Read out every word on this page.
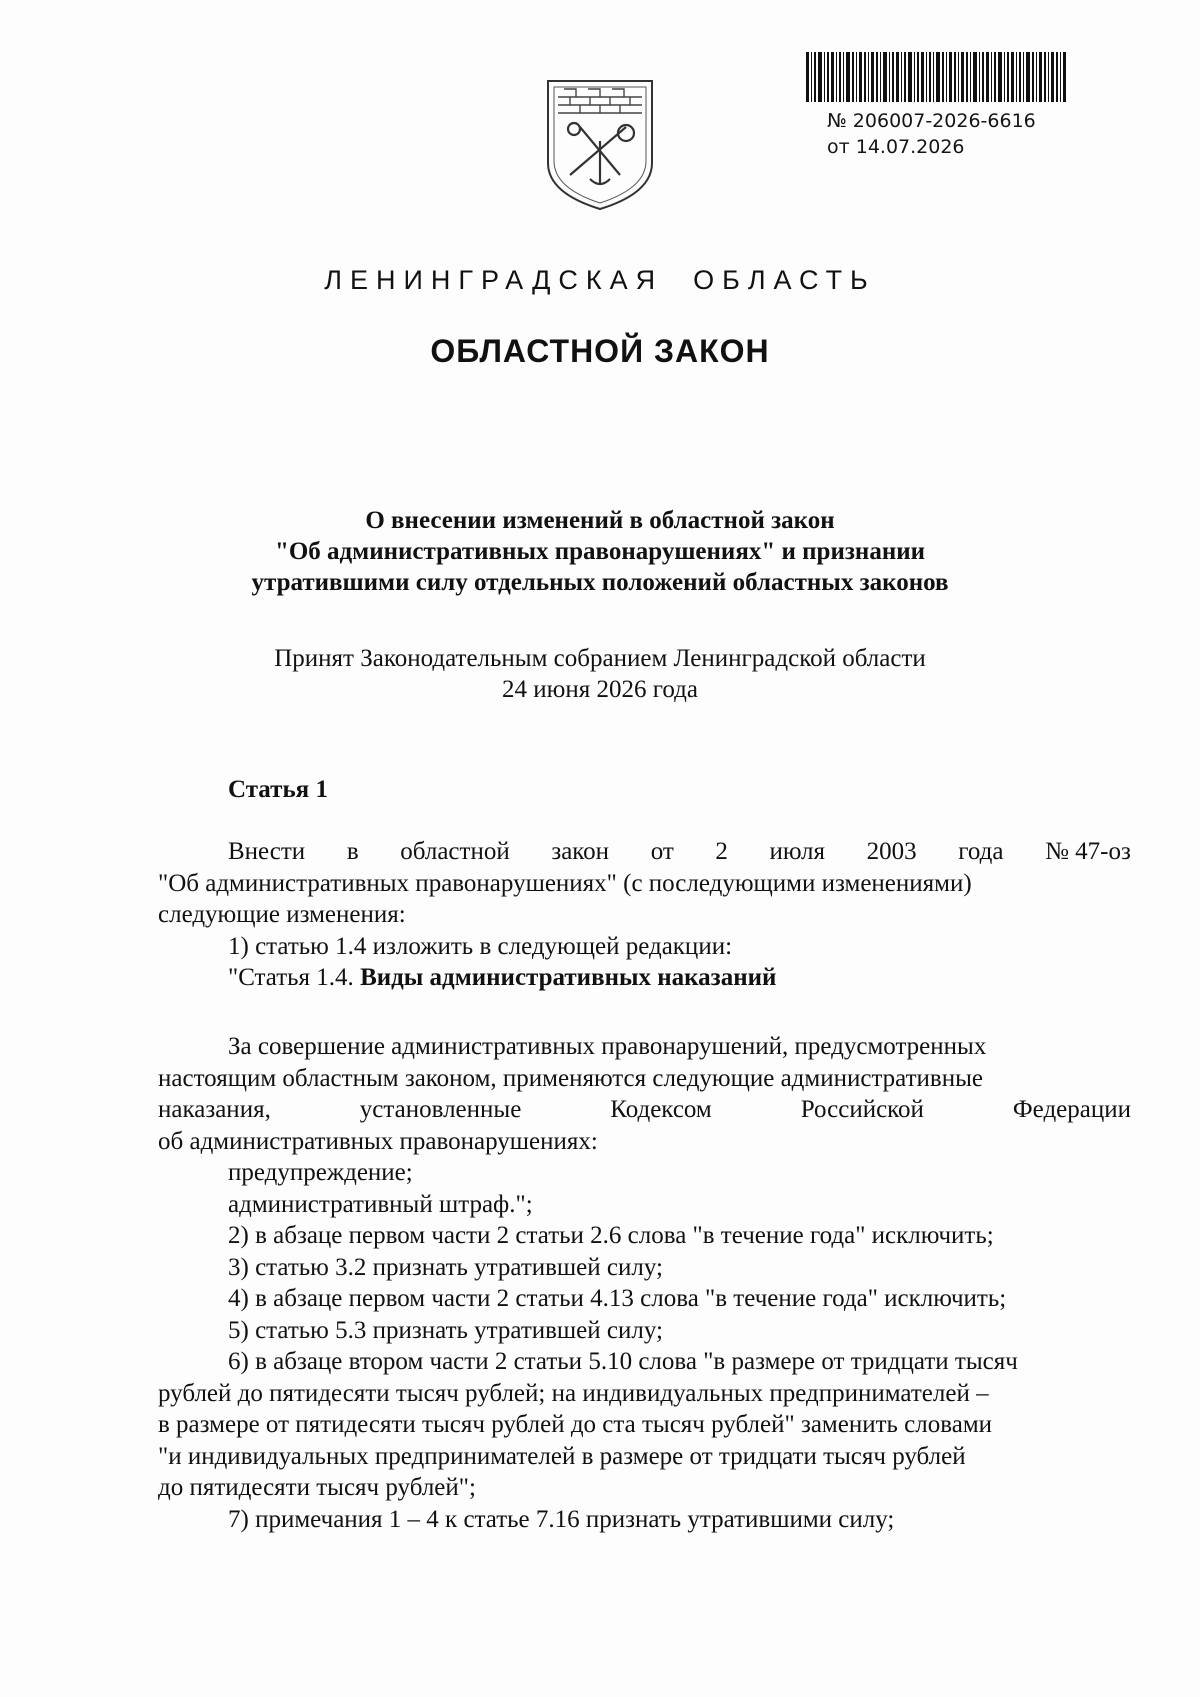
№ 206007-2026-6616
от 14.07.2026
ЛЕНИНГРАДСКАЯ ОБЛАСТЬ
ОБЛАСТНОЙ ЗАКОН
О внесении изменений в областной закон
"Об административных правонарушениях" и признании
утратившими силу отдельных положений областных законов
Принят Законодательным собранием Ленинградской области
24 июня 2026 года
Статья 1
Внести в областной закон от 2 июля 2003 года № 47-оз
"Об административных правонарушениях" (с последующими изменениями)
следующие изменения:
1) статью 1.4 изложить в следующей редакции:
"Статья 1.4. Виды административных наказаний
За совершение административных правонарушений, предусмотренных
настоящим областным законом, применяются следующие административные
наказания,	установленные	Кодексом	Российской	Федерации
об административных правонарушениях:
предупреждение;
административный штраф.";
2) в абзаце первом части 2 статьи 2.6 слова "в течение года" исключить;
3) статью 3.2 признать утратившей силу;
4) в абзаце первом части 2 статьи 4.13 слова "в течение года" исключить;
5) статью 5.3 признать утратившей силу;
6) в абзаце втором части 2 статьи 5.10 слова "в размере от тридцати тысяч
рублей до пятидесяти тысяч рублей; на индивидуальных предпринимателей –
в размере от пятидесяти тысяч рублей до ста тысяч рублей" заменить словами
"и индивидуальных предпринимателей в размере от тридцати тысяч рублей
до пятидесяти тысяч рублей";
7) примечания 1 – 4 к статье 7.16 признать утратившими силу;
